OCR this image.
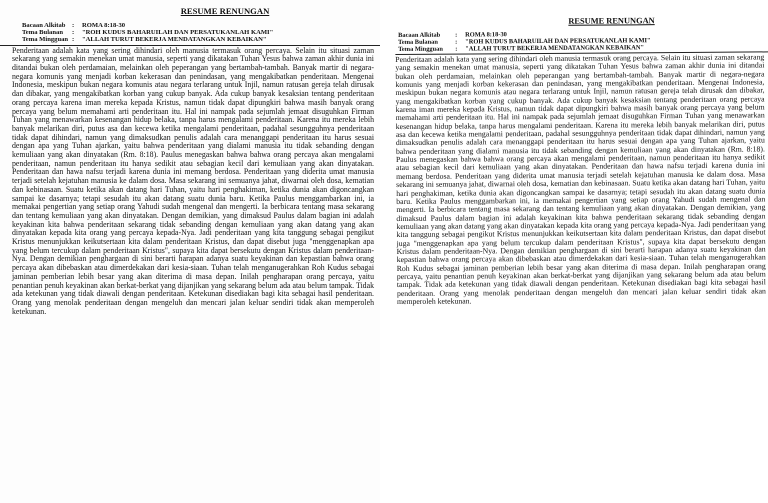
RESUME RENUNGAN
Bacaan Alkitab :	ROMA 8:18-30
Tema Bulanan	:	"ROH KUDUS BAHARUILAH DAN PERSATUKANLAH KAMI"
Tema Mingguan :	"ALLAH TURUT BEKERJA MENDATANGKAN KEBAIKAN"

Penderitaan adalah kata yang sering dihindari oleh manusia termasuk orang percaya. Selain itu situasi zaman sekarang yang semakin menekan umat manusia, seperti yang dikatakan Tuhan Yesus bahwa zaman akhir dunia ini ditandai bukan oleh perdamaian, melainkan oleh peperangan yang bertambah-tambah. Banyak martir di negara-negara komunis yang menjadi korban kekerasan dan penindasan, yang mengakibatkan penderitaan. Mengenai Indonesia, meskipun bukan negara komunis atau negara terlarang untuk Injil, namun ratusan gereja telah dirusak dan dibakar, yang mengakibatkan korban yang cukup banyak. Ada cukup banyak kesaksian tentang penderitaan orang percaya karena iman mereka kepada Kristus, namun tidak dapat dipungkiri bahwa masih banyak orang percaya yang belum memahami arti penderitaan itu. Hal ini nampak pada sejumlah jemaat disuguhkan Firman Tuhan yang menawarkan kesenangan hidup belaka, tanpa harus mengalami penderitaan. Karena itu mereka lebih banyak melarikan diri, putus asa dan kecewa ketika mengalami penderitaan, padahal sesungguhnya penderitaan tidak dapat dihindari, namun yang dimaksudkan penulis adalah cara menanggapi penderitaan itu harus sesuai dengan apa yang Tuhan ajarkan, yaitu bahwa penderitaan yang dialami manusia itu tidak sebanding dengan kemuliaan yang akan dinyatakan (Rm. 8:18). Paulus menegaskan bahwa bahwa orang percaya akan mengalami penderitaan, namun penderitaan itu hanya sedikit atau sebagian kecil dari kemuliaan yang akan dinyatakan. Penderitaan dan hawa nafsu terjadi karena dunia ini memang berdosa. Penderitaan yang diderita umat manusia terjadi setelah kejatuhan manusia ke dalam dosa. Masa sekarang ini semuanya jahat, diwarnai oleh dosa, kematian dan kebinasaan. Suatu ketika akan datang hari Tuhan, yaitu hari penghakiman, ketika dunia akan digoncangkan sampai ke dasarnya; tetapi sesudah itu akan datang suatu dunia baru. Ketika Paulus menggambarkan ini, ia memakai pengertian yang setiap orang Yahudi sudah mengenal dan mengerti. Ia berbicara tentang masa sekarang dan tentang kemuliaan yang akan dinyatakan. Dengan demikian, yang dimaksud Paulus dalam bagian ini adalah keyakinan kita bahwa penderitaan sekarang tidak sebanding dengan kemuliaan yang akan datang yang akan dinyatakan kepada kita orang yang percaya kepada-Nya. Jadi penderitaan yang kita tanggung sebagai pengikut Kristus menunjukkan keikutsertaan kita dalam penderitaan Kristus, dan dapat disebut juga "menggenapkan apa yang belum tercukup dalam penderitaan Kristus", supaya kita dapat bersekutu dengan Kristus dalam penderitaan-Nya. Dengan demikian penghargaan di sini berarti harapan adanya suatu keyakinan dan kepastian bahwa orang percaya akan dibebaskan atau dimerdekakan dari kesia-siaan. Tuhan telah menganugerahkan Roh Kudus sebagai jaminan pemberian lebih besar yang akan diterima di masa depan. Inilah pengharapan orang percaya, yaitu penantian penuh keyakinan akan berkat-berkat yang dijanjikan yang sekarang belum ada atau belum tampak. Tidak ada ketekunan yang tidak diawali dengan penderitaan. Ketekunan disediakan bagi kita sebagai hasil penderitaan. Orang yang menolak penderitaan dengan mengeluh dan mencari jalan keluar sendiri tidak akan memperoleh ketekunan.

RESUME RENUNGAN
Bacaan Alkitab	:	ROMA 8:18-30
Tema Bulanan	:	"ROH KUDUS BAHARUILAH DAN PERSATUKANLAH KAMI"
Tema Mingguan	:	"ALLAH TURUT BEKERJA MENDATANGKAN KEBAIKAN"

Penderitaan adalah kata yang sering dihindari oleh manusia termasuk orang percaya. Selain itu situasi zaman sekarang yang semakin menekan umat manusia, seperti yang dikatakan Tuhan Yesus bahwa zaman akhir dunia ini ditandai bukan oleh perdamaian, melainkan oleh peperangan yang bertambah-tambah. Banyak martir di negara-negara komunis yang menjadi korban kekerasan dan penindasan, yang mengakibatkan penderitaan. Mengenai Indonesia, meskipun bukan negara komunis atau negara terlarang untuk Injil, namun ratusan gereja telah dirusak dan dibakar, yang mengakibatkan korban yang cukup banyak. Ada cukup banyak kesaksian tentang penderitaan orang percaya karena iman mereka kepada Kristus, namun tidak dapat dipungkiri bahwa masih banyak orang percaya yang belum memahami arti penderitaan itu. Hal ini nampak pada sejumlah jemaat disuguhkan Firman Tuhan yang menawarkan kesenangan hidup belaka, tanpa harus mengalami penderitaan. Karena itu mereka lebih banyak melarikan diri, putus asa dan kecewa ketika mengalami penderitaan, padahal sesungguhnya penderitaan tidak dapat dihindari, namun yang dimaksudkan penulis adalah cara menanggapi penderitaan itu harus sesuai dengan apa yang Tuhan ajarkan, yaitu bahwa penderitaan yang dialami manusia itu tidak sebanding dengan kemuliaan yang akan dinyatakan (Rm. 8:18). Paulus menegaskan bahwa bahwa orang percaya akan mengalami penderitaan, namun penderitaan itu hanya sedikit atau sebagian kecil dari kemuliaan yang akan dinyatakan. Penderitaan dan hawa nafsu terjadi karena dunia ini memang berdosa. Penderitaan yang diderita umat manusia terjadi setelah kejatuhan manusia ke dalam dosa. Masa sekarang ini semuanya jahat, diwarnai oleh dosa, kematian dan kebinasaan. Suatu ketika akan datang hari Tuhan, yaitu hari penghakiman, ketika dunia akan digoncangkan sampai ke dasarnya; tetapi sesudah itu akan datang suatu dunia baru. Ketika Paulus menggambarkan ini, ia memakai pengertian yang setiap orang Yahudi sudah mengenal dan mengerti. Ia berbicara tentang masa sekarang dan tentang kemuliaan yang akan dinyatakan. Dengan demikian, yang dimaksud Paulus dalam bagian ini adalah keyakinan kita bahwa penderitaan sekarang tidak sebanding dengan kemuliaan yang akan datang yang akan dinyatakan kepada kita orang yang percaya kepada-Nya. Jadi penderitaan yang kita tanggung sebagai pengikut Kristus menunjukkan keikutsertaan kita dalam penderitaan Kristus, dan dapat disebut juga "menggenapkan apa yang belum tercukup dalam penderitaan Kristus", supaya kita dapat bersekutu dengan Kristus dalam penderitaan-Nya. Dengan demikian penghargaan di sini berarti harapan adanya suatu keyakinan dan kepastian bahwa orang percaya akan dibebaskan atau dimerdekakan dari kesia-siaan. Tuhan telah menganugerahkan Roh Kudus sebagai jaminan pemberian lebih besar yang akan diterima di masa depan. Inilah pengharapan orang percaya, yaitu penantian penuh keyakinan akan berkat-berkat yang dijanjikan yang sekarang belum ada atau belum tampak. Tidak ada ketekunan yang tidak diawali dengan penderitaan. Ketekunan disediakan bagi kita sebagai hasil penderitaan. Orang yang menolak penderitaan dengan mengeluh dan mencari jalan keluar sendiri tidak akan memperoleh ketekunan.
